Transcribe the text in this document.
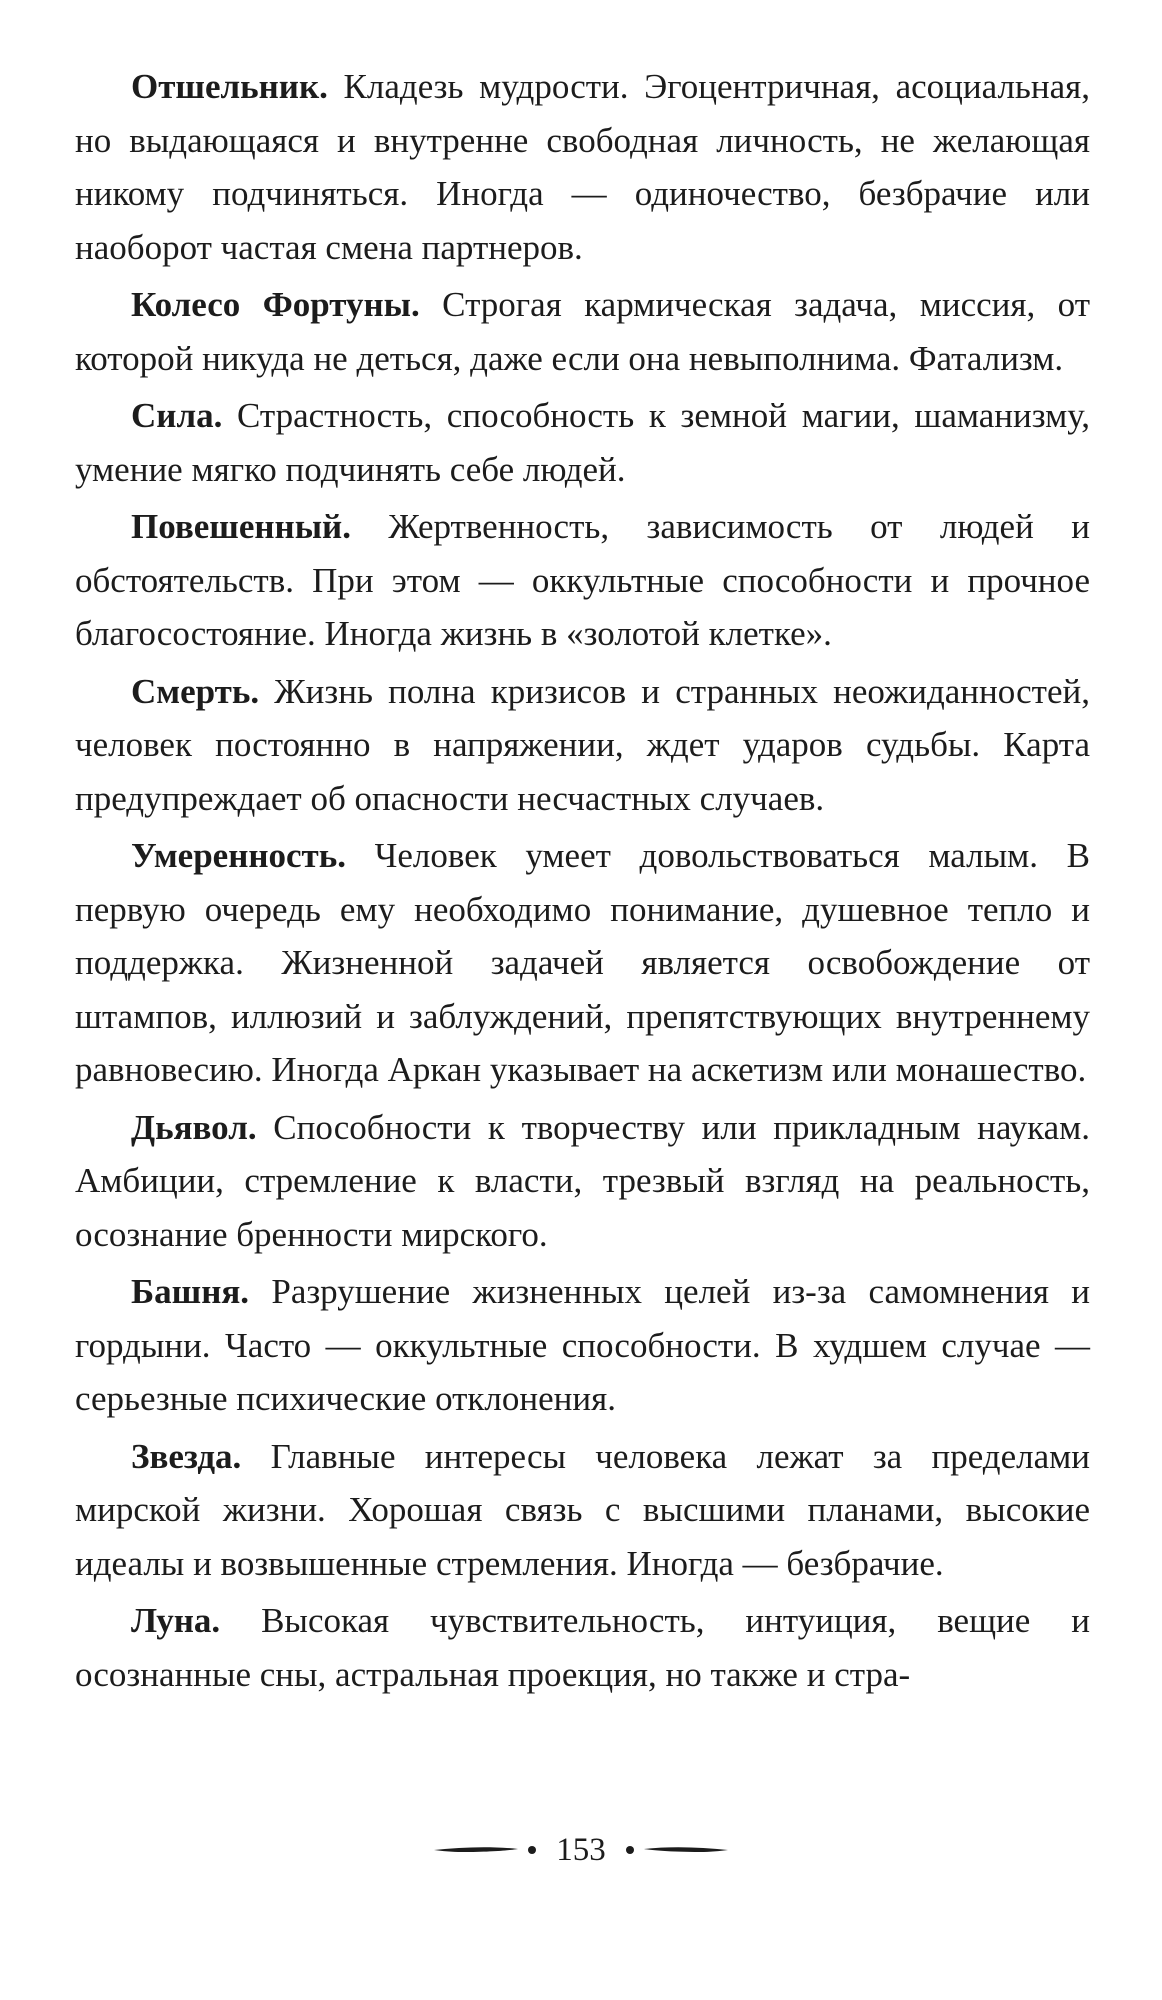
Отшельник. Кладезь мудрости. Эгоцентричная, асоциальная, но выдающаяся и внутренне свободная личность, не желающая никому подчиняться. Иногда — одиночество, безбрачие или наоборот частая смена партнеров.

Колесо Фортуны. Строгая кармическая задача, миссия, от которой никуда не деться, даже если она невыполнима. Фатализм.

Сила. Страстность, способность к земной магии, шаманизму, умение мягко подчинять себе людей.

Повешенный. Жертвенность, зависимость от людей и обстоятельств. При этом — оккультные способности и прочное благосостояние. Иногда жизнь в «золотой клетке».

Смерть. Жизнь полна кризисов и странных неожиданностей, человек постоянно в напряжении, ждет ударов судьбы. Карта предупреждает об опасности несчастных случаев.

Умеренность. Человек умеет довольствоваться малым. В первую очередь ему необходимо понимание, душевное тепло и поддержка. Жизненной задачей является освобождение от штампов, иллюзий и заблуждений, препятствующих внутреннему равновесию. Иногда Аркан указывает на аскетизм или монашество.

Дьявол. Способности к творчеству или прикладным наукам. Амбиции, стремление к власти, трезвый взгляд на реальность, осознание бренности мирского.

Башня. Разрушение жизненных целей из-за самомнения и гордыни. Часто — оккультные способности. В худшем случае — серьезные психические отклонения.

Звезда. Главные интересы человека лежат за пределами мирской жизни. Хорошая связь с высшими планами, высокие идеалы и возвышенные стремления. Иногда — безбрачие.

Луна. Высокая чувствительность, интуиция, вещие и осознанные сны, астральная проекция, но также и стра-

153
